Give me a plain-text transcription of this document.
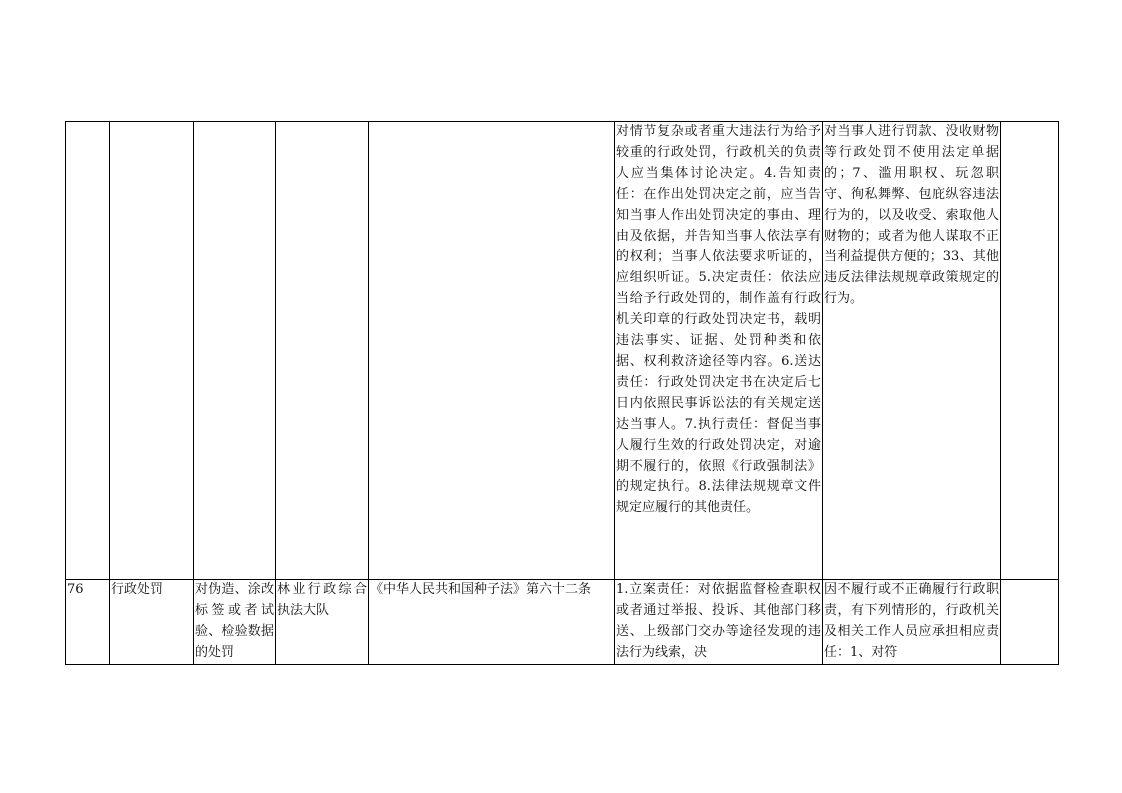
					对情节复杂或者重大违法行为给予较重的行政处罚，行政机关的负责人应当集体讨论决定。4.告知责任：在作出处罚决定之前，应当告知当事人作出处罚决定的事由、理由及依据，并告知当事人依法享有的权利；当事人依法要求听证的，应组织听证。5.决定责任：依法应当给予行政处罚的，制作盖有行政机关印章的行政处罚决定书，载明违法事实、证据、处罚种类和依据、权利救济途径等内容。6.送达责任：行政处罚决定书在决定后七日内依照民事诉讼法的有关规定送达当事人。7.执行责任：督促当事人履行生效的行政处罚决定，对逾期不履行的，依照《行政强制法》的规定执行。8.法律法规规章文件规定应履行的其他责任。	对当事人进行罚款、没收财物等行政处罚不使用法定单据的；7、滥用职权、玩忽职守、徇私舞弊、包庇纵容违法行为的，以及收受、索取他人财物的；或者为他人谋取不正当利益提供方便的；33、其他违反法律法规规章政策规定的行为。	
76	行政处罚	对伪造、涂改标签或者试验、检验数据的处罚	林业行政综合执法大队	《中华人民共和国种子法》第六十二条	1.立案责任：对依据监督检查职权或者通过举报、投诉、其他部门移送、上级部门交办等途径发现的违法行为线索，决	因不履行或不正确履行行政职责，有下列情形的，行政机关及相关工作人员应承担相应责任：1、对符	
